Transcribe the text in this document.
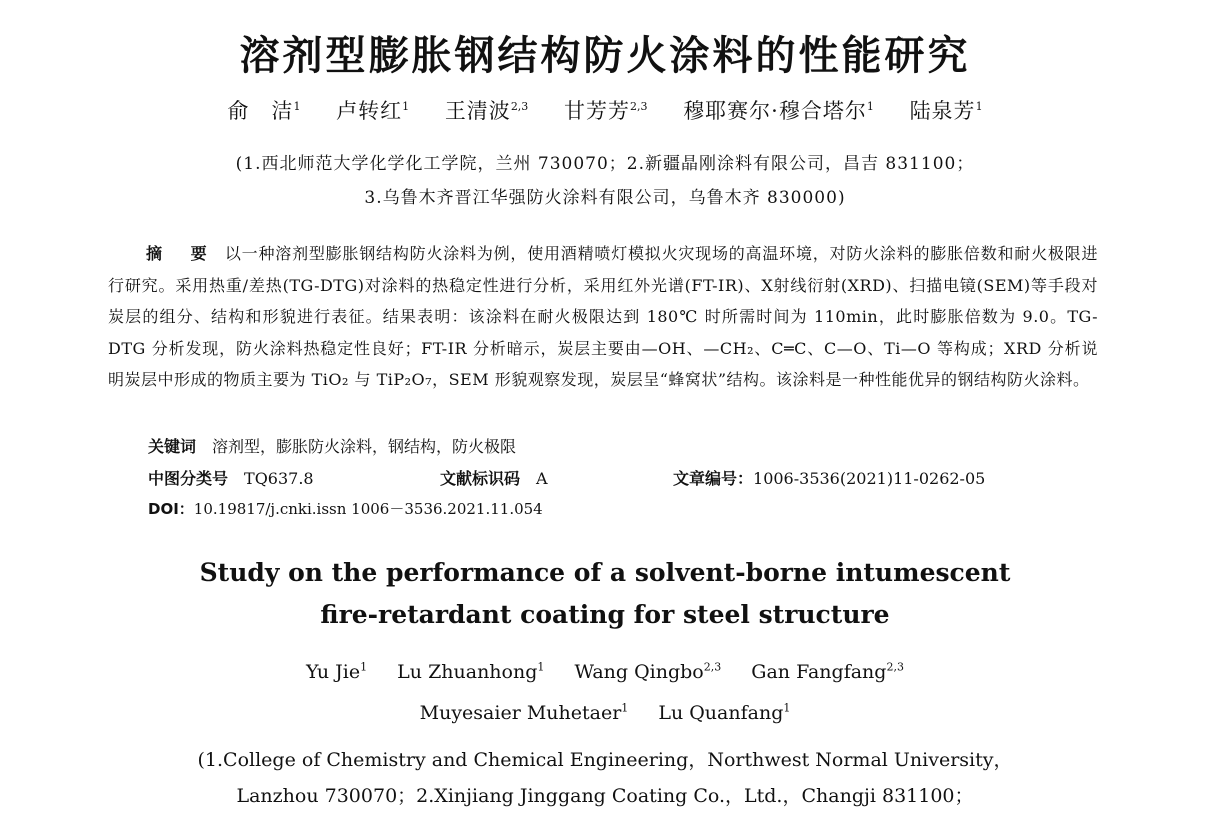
溶剂型膨胀钢结构防火涂料的性能研究
俞　洁$^1$ 卢转红$^1$ 王清波$^{2,3}$ 甘芳芳$^{2,3}$ 穆耶赛尔·穆合塔尔$^1$ 陆泉芳$^1$
(1.西北师范大学化学化工学院，兰州 730070；2.新疆晶刚涂料有限公司，昌吉 831100；
3.乌鲁木齐晋江华强防火涂料有限公司，乌鲁木齐 830000)
摘　要 以一种溶剂型膨胀钢结构防火涂料为例，使用酒精喷灯模拟火灾现场的高温环境，对防火涂料的膨胀倍数和耐火极限进行研究。采用热重/差热(TG-DTG)对涂料的热稳定性进行分析，采用红外光谱(FT-IR)、X射线衍射(XRD)、扫描电镜(SEM)等手段对炭层的组分、结构和形貌进行表征。结果表明：该涂料在耐火极限达到 180℃ 时所需时间为 110min，此时膨胀倍数为 9.0。TG-DTG 分析发现，防火涂料热稳定性良好；FT-IR 分析暗示，炭层主要由—OH、—CH₂、C═C、C—O、Ti—O 等构成；XRD 分析说明炭层中形成的物质主要为 TiO₂ 与 TiP₂O₇，SEM 形貌观察发现，炭层呈“蜂窝状”结构。该涂料是一种性能优异的钢结构防火涂料。
关键词 溶剂型，膨胀防火涂料，钢结构，防火极限
中图分类号 TQ637.8	文献标识码 A	文章编号：1006-3536(2021)11-0262-05
DOI：10.19817/j.cnki.issn 1006－3536.2021.11.054
Study on the performance of a solvent-borne intumescent
fire-retardant coating for steel structure
Yu Jie$^1$ Lu Zhuanhong$^1$ Wang Qingbo$^{2,3}$ Gan Fangfang$^{2,3}$
Muyesaier Muhetaer$^1$ Lu Quanfang$^1$
(1.College of Chemistry and Chemical Engineering，Northwest Normal University，
Lanzhou 730070；2.Xinjiang Jinggang Coating Co.，Ltd.，Changji 831100；
